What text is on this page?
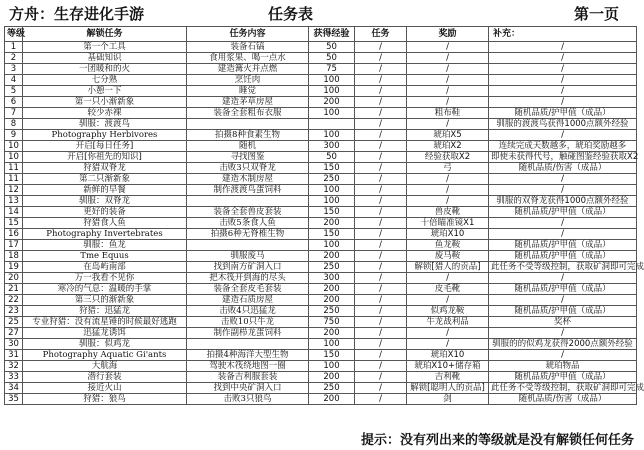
方舟：生存进化手游	任务表	第一页
等级	解锁任务	任务内容	获得经验	任务	奖励	补充：
1	第一个工具	装备石镐	50	/	/	/
2	基础知识	食用浆果、喝一点水	50	/	/	/
3	一团暖和的火	建造篝火并点燃	75	/	/	/
4	七分熟	烹饪肉	100	/	/	/
5	小憩一下	睡觉	100	/	/	/
6	第一只小渐新象	建造茅草房屋	200	/	/	/
7	较少赤裸	装备全套粗布衣服	100	/	粗布鞋	随机品质/护甲值（成品）
8	驯服：渡渡鸟			/	/	驯服的渡渡鸟获得1000点额外经验
9	Photography Herbivores	拍摄8种食素生物	100	/	琥珀X5	/
10	开启[每日任务]	随机	300	/	琥珀X2	连续完成天数越多，琥珀奖励越多
10	开启[你祖先的知识]	寻找图鉴	50	/	经验获取X2	即使未获得代号，触碰图鉴经验获取X2
11	狩猎双脊龙	击败3只双脊龙	150	/	弓	随机品质/伤害（成品）
11	第二只渐新象	建造木制房屋	250	/	/	/
12	新鲜的早餐	制作渡渡鸟蛋饲料	100	/	/	/
13	驯服：双脊龙		100	/	/	驯服的双脊龙获得1000点额外经验
14	更好的装备	装备全套兽皮套装	150	/	兽皮靴	随机品质/护甲值（成品）
15	狩猎食人鱼	击败5条食人鱼	200	/	十倍瞄准镜X1	/
16	Photography Invertebrates	拍摄6种无脊椎生物	150	/	琥珀X10	/
17	驯服：鱼龙		100	/	鱼龙鞍	随机品质/护甲值（成品）
18	Tme Equus	驯服废马	200	/	废马鞍	随机品质/护甲值（成品）
19	在岛屿南部	找到南方矿洞入口	250	/	解锁[猎人的贡品]	此任务不受等级控制，获取矿洞即可完成
20	万一我看不见你	把木筏开到海的尽头	300	/	/	/
21	寒冷的气息：温暖的手掌	装备全套皮毛套装	200	/	皮毛靴	随机品质/护甲值（成品）
22	第三只的渐新象	建造石质房屋	200	/	/	/
23	狩猎：迅猛龙	击败4只迅猛龙	250	/	似鸡龙鞍	随机品质/护甲值（成品）
25	专业狩猎：没有流星锤的时候最好逃跑	击败10只牛龙	750	/	牛龙战利品	奖杯
27	迅猛龙诱饵	制作副栉龙蛋饲料	200	/	/	/
30	驯服：似鸡龙		100	/	/	驯服的的似鸡龙获得2000点额外经验
31	Photography Aquatic Gi'ants	拍摄4种海洋大型生物	150	/	琥珀X10	/
32	大航海	驾驶木筏绕地图一圈	100	/	琥珀X10+储存箱	琥珀物品
33	潜行套装	装备吉利服套装	200	/	吉利靴	随机品质/护甲值（成品）
34	接近火山	找到中央矿洞入口	250	/	解锁[聪明人的贡品]	此任务不受等级控制，获取矿洞即可完成
35	狩猎：狼鸟	击败3只狼鸟	200	/	剑	随机品质/伤害（成品）
提示：没有列出来的等级就是没有解锁任何任务
